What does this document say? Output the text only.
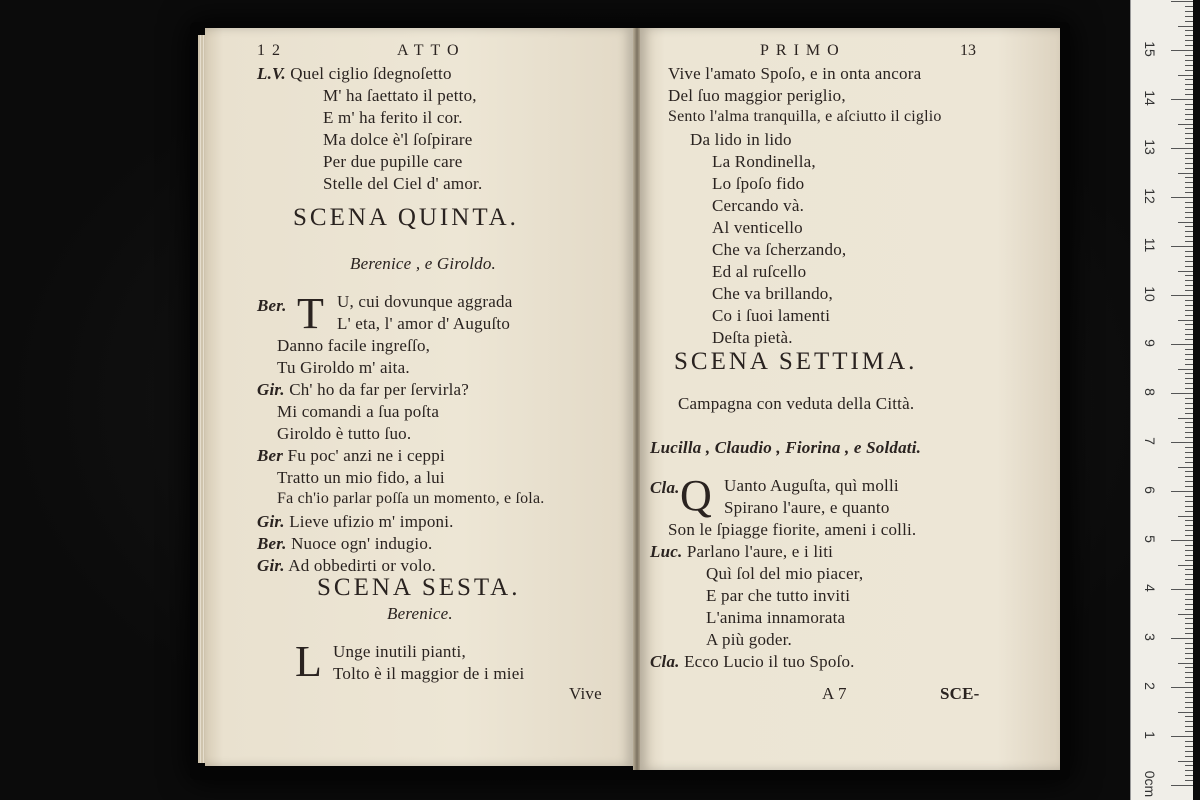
12	ATTO
L.V. Quel ciglio ſdegnoſetto
M' ha ſaettato il petto,
E m' ha ferito il cor.
Ma dolce è'l ſoſpirare
Per due pupille care
Stelle del Ciel d' amor.
SCENA QUINTA.
Berenice , e Giroldo.
Ber. T U, cui dovunque aggrada
L' eta, l' amor d' Auguſto
Danno facile ingreſſo,
Tu Giroldo m' aita.
Gir. Ch' ho da far per ſervirla?
Mi comandi a ſua poſta
Giroldo è tutto ſuo.
Ber Fu poc' anzi ne i ceppi
Tratto un mio fido, a lui
Fa ch'io parlar poſſa un momento, e ſola.
Gir. Lieve ufizio m' imponi.
Ber. Nuoce ogn' indugio.
Gir. Ad obbedirti or volo.
SCENA SESTA.
Berenice.
L Unge inutili pianti,
Tolto è il maggior de i miei
Vive
PRIMO	13
Vive l'amato Spoſo, e in onta ancora
Del ſuo maggior periglio,
Sento l'alma tranquilla, e aſciutto il ciglio
Da lido in lido
La Rondinella,
Lo ſpoſo fido
Cercando và.
Al venticello
Che va ſcherzando,
Ed al ruſcello
Che va brillando,
Co i ſuoi lamenti
Deſta pietà.
SCENA SETTIMA.
Campagna con veduta della Città.
Lucilla , Claudio , Fiorina , e Soldati.
Cla. Q Uanto Auguſta, quì molli
Spirano l'aure, e quanto
Son le ſpiagge fiorite, ameni i colli.
Luc. Parlano l'aure, e i liti
Quì ſol del mio piacer,
E par che tutto inviti
L'anima innamorata
A più goder.
Cla. Ecco Lucio il tuo Spoſo.
A 7	SCE-
0cm
1
2
3
4
5
6
7
8
9
10
11
12
13
14
15
